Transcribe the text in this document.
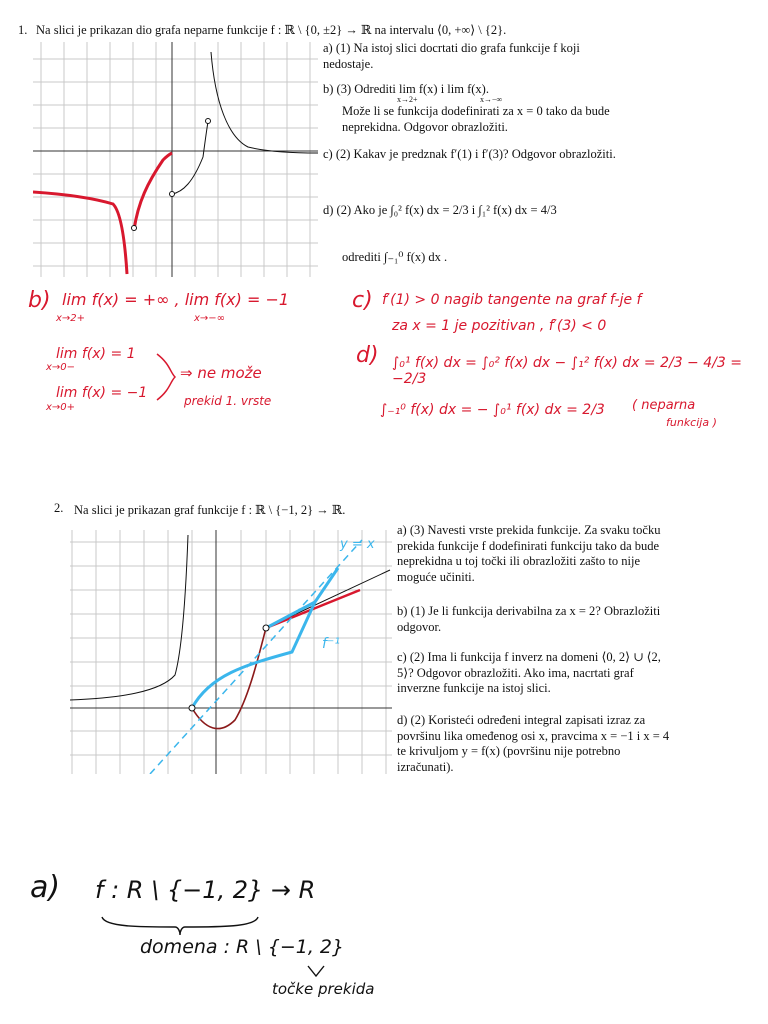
1. Na slici je prikazan dio grafa neparne funkcije f : ℝ \ {0, ±2} → ℝ na intervalu ⟨0, +∞⟩ \ {2}.
a) (1) Na istoj slici docrtati dio grafa funkcije f koji nedostaje.
b) (3) Odrediti lim f(x) i lim f(x).
x→2+	x→−∞
Može li se funkcija dodefinirati za x = 0 tako da bude neprekidna. Odgovor obrazložiti.
c) (2) Kakav je predznak f′(1) i f′(3)? Odgovor obrazložiti.
d) (2) Ako je ∫₀² f(x) dx = 2/3 i ∫₁² f(x) dx = 4/3
odrediti ∫₋₁⁰ f(x) dx .
b) lim f(x) = +∞ , lim f(x) = −1
x→2+	x→−∞
lim f(x) = 1
x→0−
lim f(x) = −1
x→0+
⇒ ne može
prekid 1. vrste
c) f′(1) > 0 nagib tangente na graf f-je f
za x = 1 je pozitivan , f′(3) < 0
d) ∫₀¹ f(x) dx = ∫₀² f(x) dx − ∫₁² f(x) dx = 2/3 − 4/3 = −2/3
∫₋₁⁰ f(x) dx = − ∫₀¹ f(x) dx = 2/3 ( neparna
funkcija )
2. Na slici je prikazan graf funkcije f : ℝ \ {−1, 2} → ℝ.
y = x
f⁻¹
a) (3) Navesti vrste prekida funkcije. Za svaku točku prekida funkcije f dodefinirati funkciju tako da bude neprekidna u toj točki ili obrazložiti zašto to nije moguće učiniti.
b) (1) Je li funkcija derivabilna za x = 2? Obrazložiti odgovor.
c) (2) Ima li funkcija f inverz na domeni ⟨0, 2⟩ ∪ ⟨2, 5⟩? Odgovor obrazložiti. Ako ima, nacrtati graf inverzne funkcije na istoj slici.
d) (2) Koristeći određeni integral zapisati izraz za površinu lika omeđenog osi x, pravcima x = −1 i x = 4 te krivuljom y = f(x) (površinu nije potrebno izračunati).
a) f : R \ {−1, 2} → R
domena : R \ {−1, 2}
točke prekida
